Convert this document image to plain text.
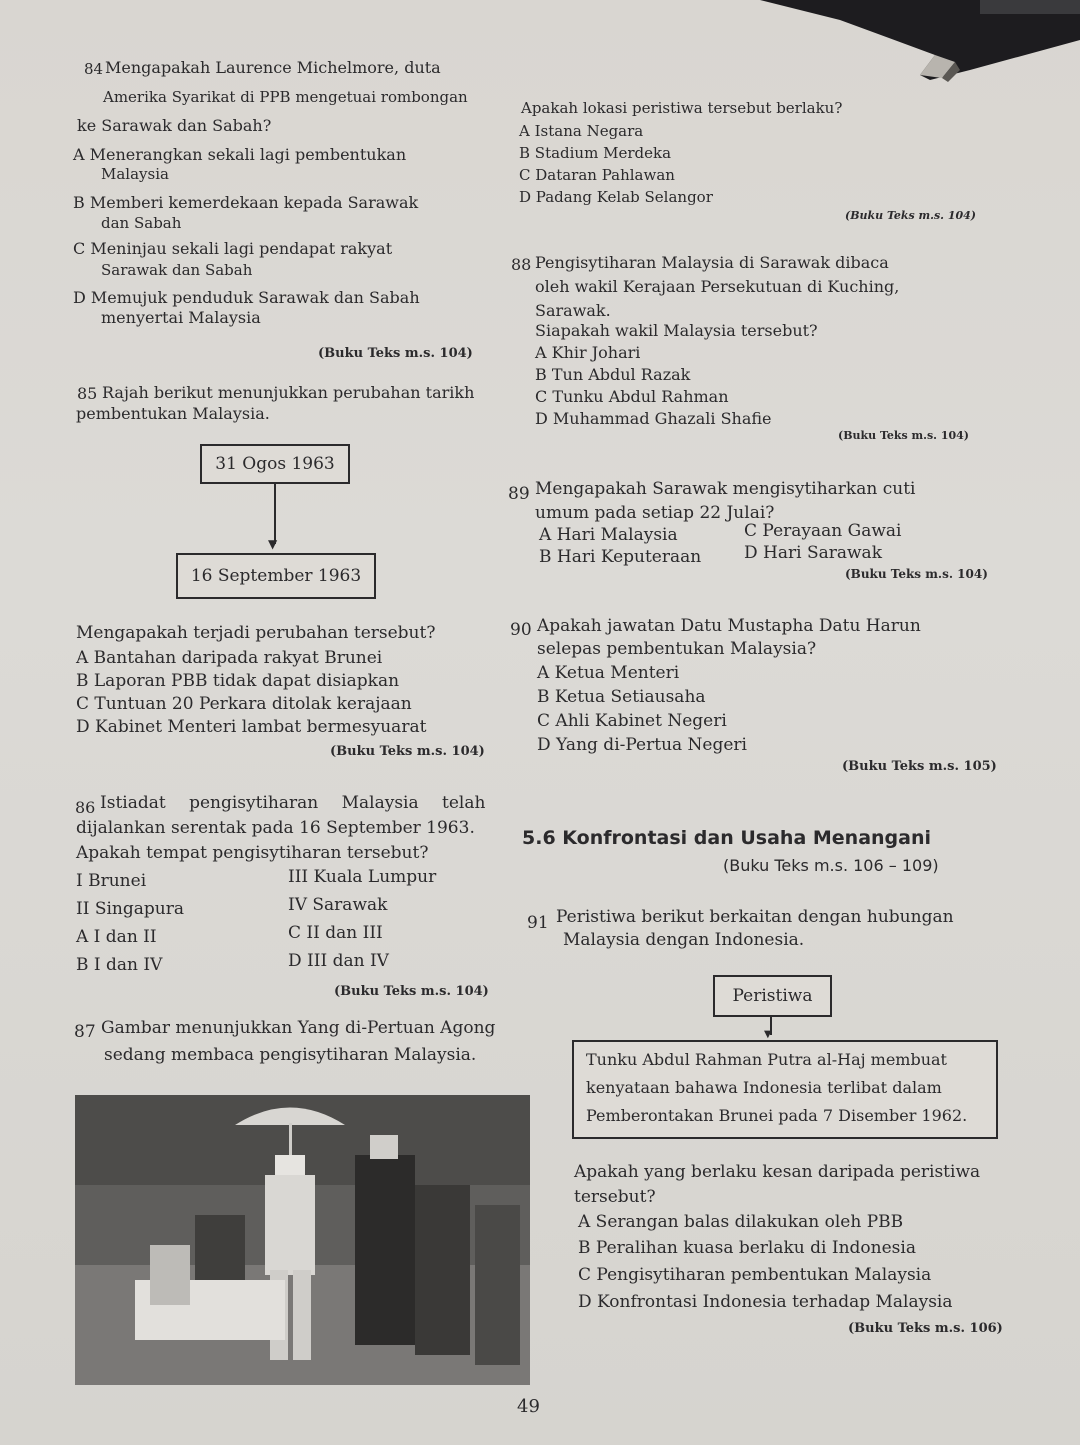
84 Mengapakah Laurence Michelmore, duta
Amerika Syarikat di PPB mengetuai rombongan
ke Sarawak dan Sabah?
A Menerangkan sekali lagi pembentukan
Malaysia
B Memberi kemerdekaan kepada Sarawak
dan Sabah
C Meninjau sekali lagi pendapat rakyat
Sarawak dan Sabah
D Memujuk penduduk Sarawak dan Sabah
menyertai Malaysia
(Buku Teks m.s. 104)
85 Rajah berikut menunjukkan perubahan tarikh
pembentukan Malaysia.
31 Ogos 1963
▼
16 September 1963
Mengapakah terjadi perubahan tersebut?
A Bantahan daripada rakyat Brunei
B Laporan PBB tidak dapat disiapkan
C Tuntuan 20 Perkara ditolak kerajaan
D Kabinet Menteri lambat bermesyuarat
(Buku Teks m.s. 104)
86 Istiadat pengisytiharan Malaysia telah
dijalankan serentak pada 16 September 1963.
Apakah tempat pengisytiharan tersebut?
I Brunei	III Kuala Lumpur
II Singapura	IV Sarawak
A I dan II	C II dan III
B I dan IV	D III dan IV
(Buku Teks m.s. 104)
87 Gambar menunjukkan Yang di-Pertuan Agong
sedang membaca pengisytiharan Malaysia.
Apakah lokasi peristiwa tersebut berlaku?
A Istana Negara
B Stadium Merdeka
C Dataran Pahlawan
D Padang Kelab Selangor
(Buku Teks m.s. 104)
88 Pengisytiharan Malaysia di Sarawak dibaca
oleh wakil Kerajaan Persekutuan di Kuching,
Sarawak.
Siapakah wakil Malaysia tersebut?
A Khir Johari
B Tun Abdul Razak
C Tunku Abdul Rahman
D Muhammad Ghazali Shafie
(Buku Teks m.s. 104)
89 Mengapakah Sarawak mengisytiharkan cuti
umum pada setiap 22 Julai?
A Hari Malaysia	C Perayaan Gawai
B Hari Keputeraan	D Hari Sarawak
(Buku Teks m.s. 104)
90 Apakah jawatan Datu Mustapha Datu Harun
selepas pembentukan Malaysia?
A Ketua Menteri
B Ketua Setiausaha
C Ahli Kabinet Negeri
D Yang di-Pertua Negeri
(Buku Teks m.s. 105)
5.6 Konfrontasi dan Usaha Menangani
(Buku Teks m.s. 106 – 109)
91 Peristiwa berikut berkaitan dengan hubungan
Malaysia dengan Indonesia.
Peristiwa
▼
Tunku Abdul Rahman Putra al-Haj membuat
kenyataan bahawa Indonesia terlibat dalam
Pemberontakan Brunei pada 7 Disember 1962.
Apakah yang berlaku kesan daripada peristiwa
tersebut?
A Serangan balas dilakukan oleh PBB
B Peralihan kuasa berlaku di Indonesia
C Pengisytiharan pembentukan Malaysia
D Konfrontasi Indonesia terhadap Malaysia
(Buku Teks m.s. 106)
49
